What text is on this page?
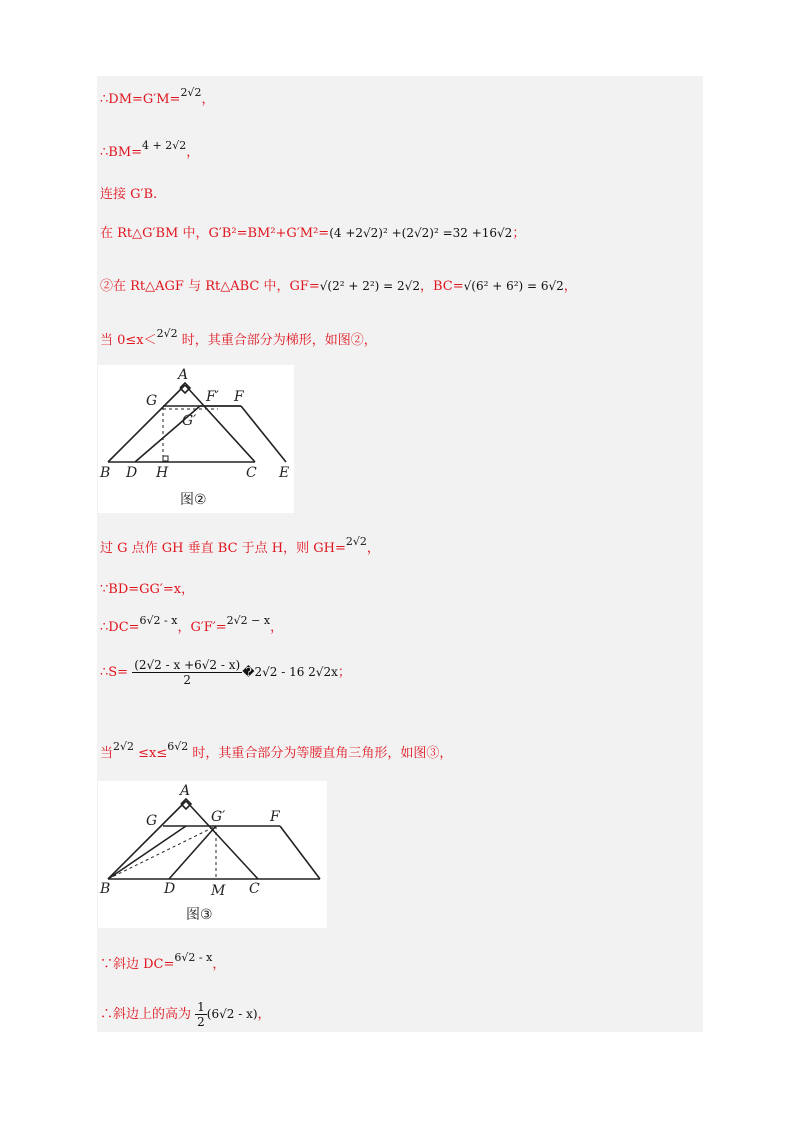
∴DM=G′M=$^{2√2}$，
∴BM=$^{4 + 2√2}$，
连接 G′B.
在 Rt△G′BM 中，G′B²=BM²+G′M²=(4 +2√2)² +(2√2)² =32 +16√2；
②在 Rt△AGF 与 Rt△ABC 中，GF=√(2² + 2²) = 2√2，BC=√(6² + 6²) = 6√2，
当 0≤x＜$^{2√2}$ 时，其重合部分为梯形，如图②，
A
F′ F
G
G′
B D H	C E
图②
过 G 点作 GH 垂直 BC 于点 H，则 GH=$^{2√2}$，
∵BD=GG′=x，
∴DC=$^{6√2 - x}$，G′F′=$^{2√2 - x}$，
∴S= $\frac{(2√2 - x +6√2 - x)}{2}$ �2√2 - 16 2√2x；
当$^{2√2}$ ≤x≤$^{6√2}$ 时，其重合部分为等腰直角三角形，如图③，
A
G	G′	F
B	D	M C
图③
∵斜边 DC=$^{6√2 - x}$，
∴斜边上的高为 $\frac{1}{2} (6√2 - x)$，
